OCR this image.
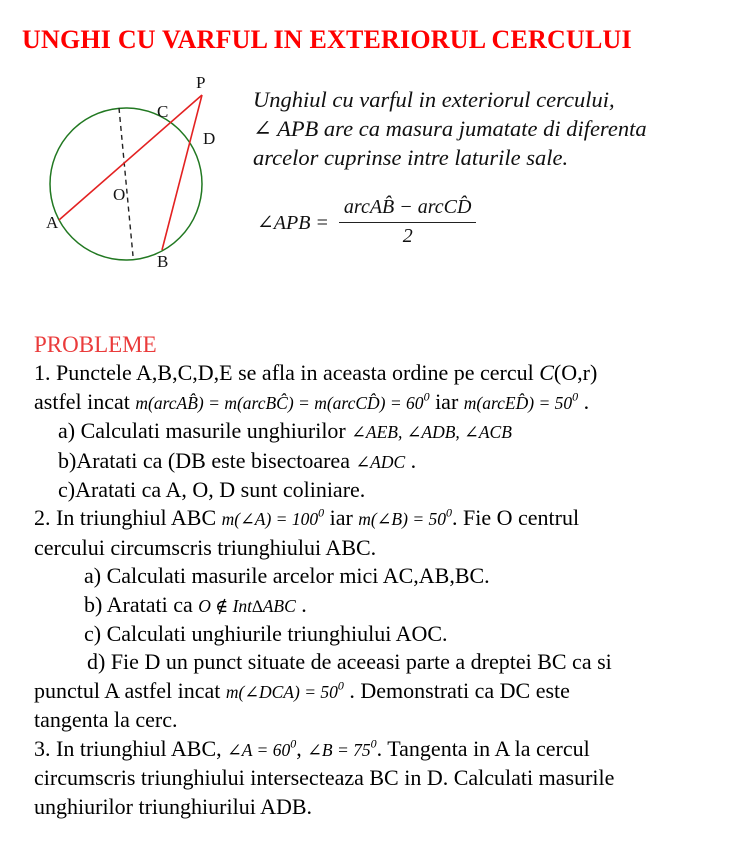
UNGHI CU VARFUL IN EXTERIORUL CERCULUI
P
C
D
O
A
B
Unghiul cu varful in exteriorul cercului,
∠ APB are ca masura jumatate di diferenta
arcelor cuprinse intre laturile sale.
∠APB = $\frac{\text{arcAB̂ − arcCD̂}}{2}$
PROBLEME
1. Punctele A,B,C,D,E se afla in aceasta ordine pe cercul C(O,r)
astfel incat m(arcAB̂) = m(arcBĈ) = m(arcCD̂) = $60^0$ iar m(arcED̂) = $50^0$ .
a) Calculati masurile unghiurilor ∠AEB, ∠ADB, ∠ACB
b)Aratati ca (DB este bisectoarea ∠ADC .
c)Aratati ca A, O, D sunt coliniare.
2. In triunghiul ABC m(∠A) = $100^0$ iar m(∠B) = $50^0$. Fie O centrul
cercului circumscris triunghiului ABC.
a) Calculati masurile arcelor mici AC,AB,BC.
b) Aratati ca O ∉ Int∆ABC .
c) Calculati unghiurile triunghiului AOC.
d) Fie D un punct situate de aceeasi parte a dreptei BC ca si
punctul A astfel incat m(∠DCA) = $50^0$ . Demonstrati ca DC este
tangenta la cerc.
3. In triunghiul ABC, ∠A = $60^0$, ∠B = $75^0$. Tangenta in A la cercul
circumscris triunghiului intersecteaza BC in D. Calculati masurile
unghiurilor triunghiurilui ADB.
